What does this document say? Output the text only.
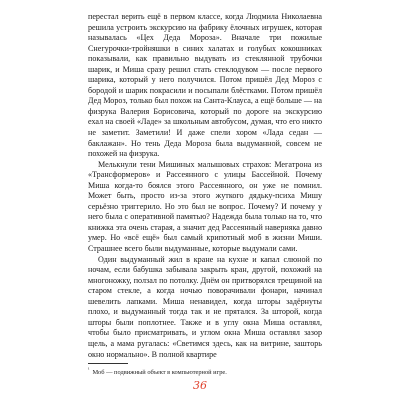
перестал верить ещё в первом классе, когда Людмила Николаевна решила устроить экскурсию на фабрику ёлочных игрушек, которая называлась «Цех Деда Мороза». Вначале три пожилые Снегурочки-тройняшки в синих халатах и голубых кокошниках показывали, как правильно выдувать из стеклянной трубочки шарик, и Миша сразу решил стать стеклодувом — после первого шарика, который у него получился. Потом пришёл Дед Мороз с бородой и шарик покрасили и посыпали блёстками. Потом пришёл Дед Мороз, только был похож на Санта-Клауса, а ещё больше — на физрука Валерия Борисовича, который по дороге на экскурсию ехал на своей «Ладе» за школьным автобусом, думая, что его никто не заметит. Заметили! И даже спели хором «Лада седан — баклажан». Но тень Деда Мороза была выдуманной, совсем не похожей на физрука.

Мелькнули тени Мишиных малышовых страхов: Мегатрона из «Трансформеров» и Рассеянного с улицы Бассейной. Почему Миша когда-то боялся этого Рассеянного, он уже не помнил. Может быть, просто из-за этого жуткого дядьку-психа Мишу серьёзно триггерило. Но это был не вопрос. Почему? И почему у него была с оперативной памятью? Надежда была только на то, что книжка эта очень старая, а значит дед Рассеянный наверняка давно умер. Но «всё ещё» был самый крипотный моб в жизни Миши. Страшнее всего были выдуманные, которые выдумали сами.

Один выдуманный жил в кране на кухне и капал слюной по ночам, если бабушка забывала закрыть кран, другой, похожий на многоножку, ползал по потолку. Днём он притворялся трещиной на старом стекле, а когда ночью поворачивали фонари, начинал шевелить лапками. Миша ненавидел, когда шторы задёрнуты плохо, и выдуманный тогда так и не прятался. За шторой, когда шторы были поплотнее. Также и в углу окна Миша оставлял, чтобы было присматривать, и углом окна Миша оставлял зазор щель, а мама ругалась: «Светимся здесь, как на витрине, зашторь окно нормально». В полной квартире

$^{^1}$ Моб — подвижный объект в компьютерной игре.
36
